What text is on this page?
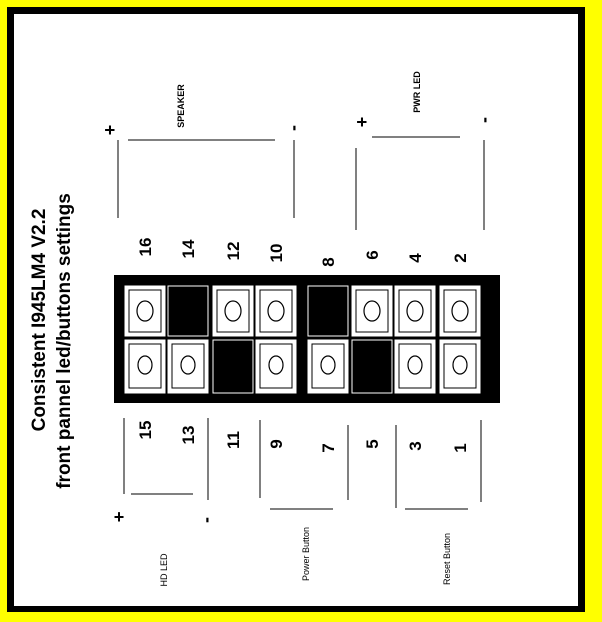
Consistent I945LM4 V2.2 front pannel led/buttons settings
+	-
SPEAKER	+	-
PWR LED
16 14 12 10 8
6 4 2
15 13 11 9 7 5 3 1
+	-
HD LED	Power Button	Reset Button
